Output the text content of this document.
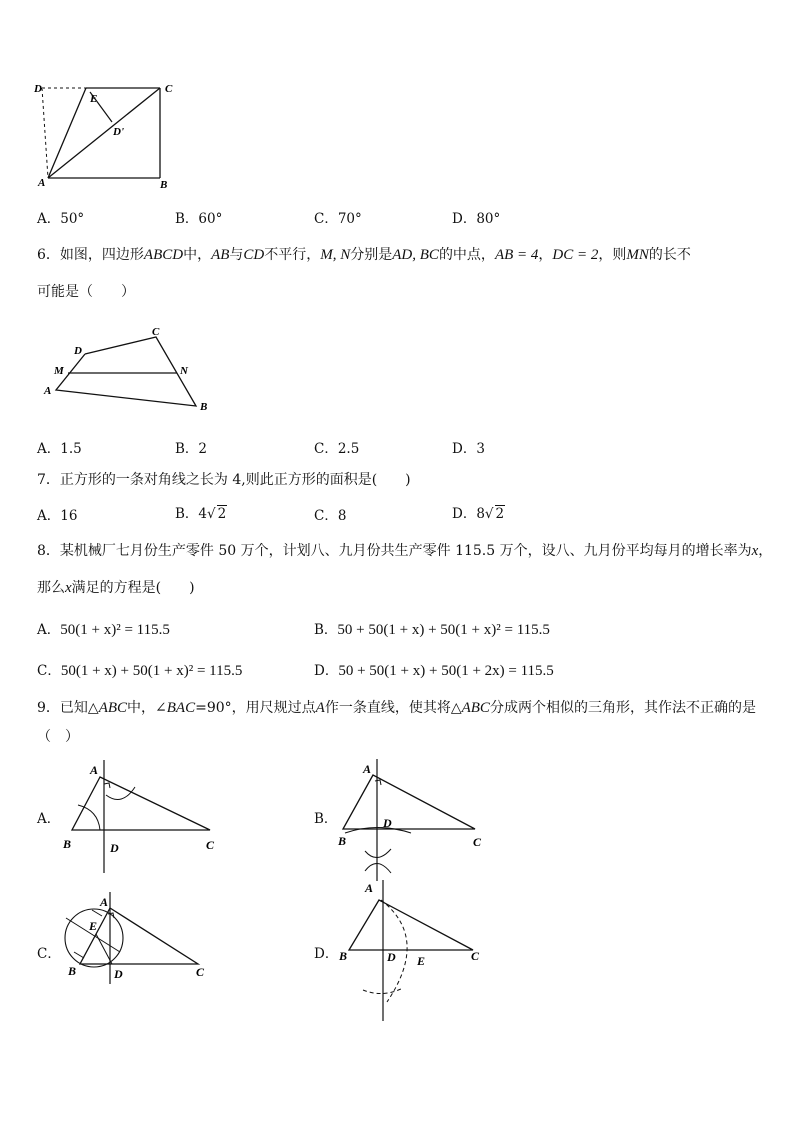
D
E
C
D'
A	B
A．50°	B．60°	C．70°	D．80°
6．如图，四边形ABCD中，AB与CD不平行，M, N分别是AD, BC的中点，AB = 4，DC = 2，则MN的长不
可能是（　　）
C
D
M	N
A
B
A．1.5	B．2	C．2.5	D．3
7．正方形的一条对角线之长为 4,则此正方形的面积是(　　)
A．16	B．4√ 2	C．8	D．8√ 2
8．某机械厂七月份生产零件 50 万个，计划八、九月份共生产零件 115.5 万个，设八、九月份平均每月的增长率为x，
那么x满足的方程是(　　)
A．50(1 + x)² = 115.5	B．50 + 50(1 + x) + 50(1 + x)² = 115.5
C．50(1 + x) + 50(1 + x)² = 115.5	D．50 + 50(1 + x) + 50(1 + 2x) = 115.5
9．已知△ABC中，∠BAC=90°，用尺规过点A作一条直线，使其将△ABC分成两个相似的三角形，其作法不正确的是
（　）
A．	B．
C．	D．
A
B	D	C
A
B
D
C
A
E
B	D	C
A
B	D E	C
